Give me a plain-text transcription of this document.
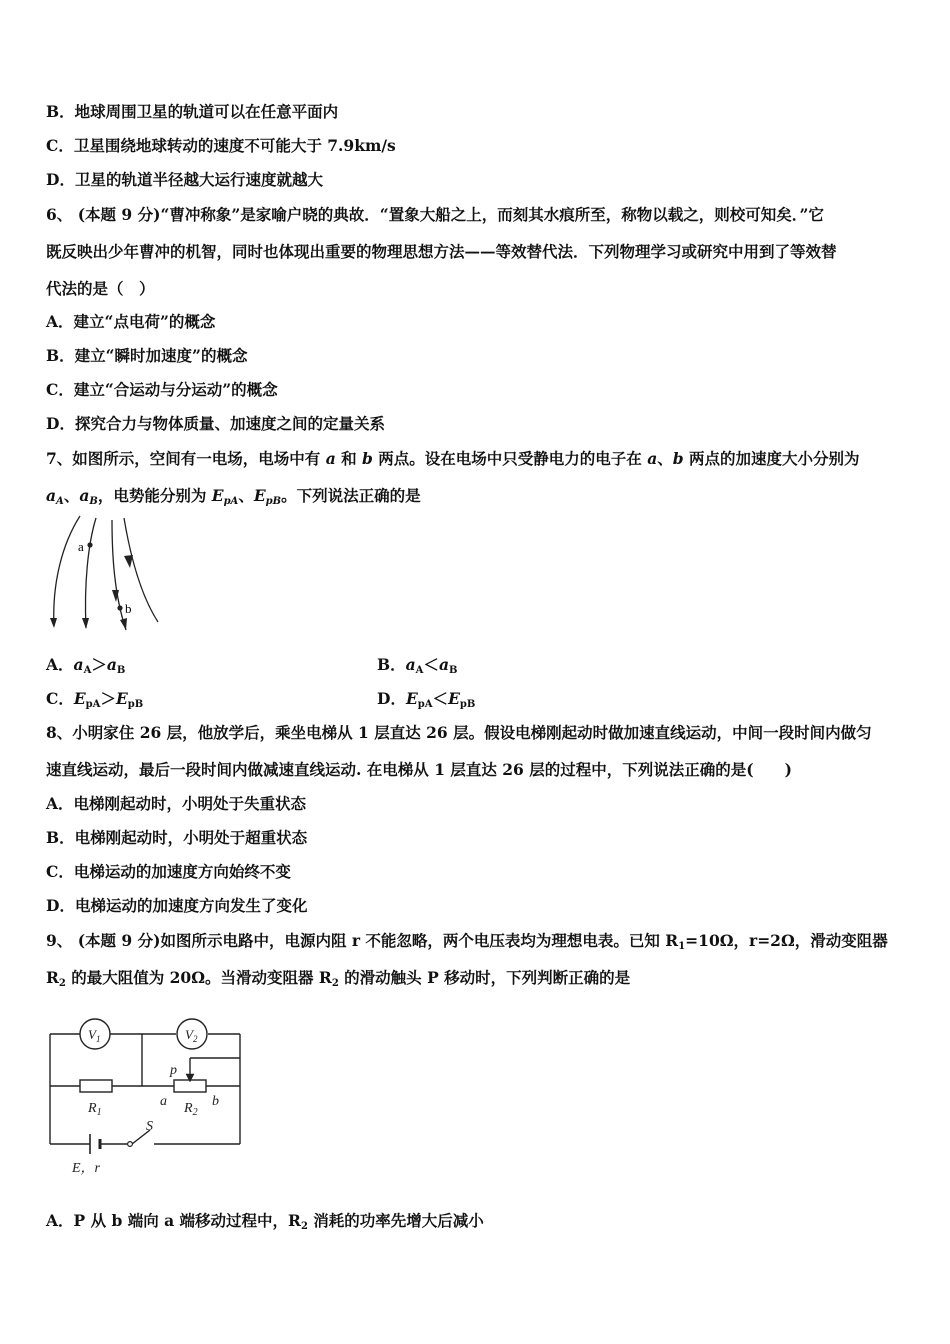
B．地球周围卫星的轨道可以在任意平面内
C．卫星围绕地球转动的速度不可能大于 7.9km/s
D．卫星的轨道半径越大运行速度就越大
6、 (本题 9 分)“曹冲称象”是家喻户晓的典故．“置象大船之上，而刻其水痕所至，称物以载之，则校可知矣．”它
既反映出少年曹冲的机智，同时也体现出重要的物理思想方法——等效替代法．下列物理学习或研究中用到了等效替
代法的是（　）
A．建立“点电荷”的概念
B．建立“瞬时加速度”的概念
C．建立“合运动与分运动”的概念
D．探究合力与物体质量、加速度之间的定量关系
7、如图所示，空间有一电场，电场中有 a 和 b 两点。设在电场中只受静电力的电子在 a、b 两点的加速度大小分别为
$a_A$、$a_B$，电势能分别为 $E_{pA}$、$E_{pB}$。下列说法正确的是
a
b
A．$a_A>a_B$	B．$a_A<a_B$
C．$E_{pA}>E_{pB}$	D．$E_{pA}<E_{pB}$
8、小明家住 26 层，他放学后，乘坐电梯从 1 层直达 26 层。假设电梯刚起动时做加速直线运动，中间一段时间内做匀
速直线运动，最后一段时间内做减速直线运动. 在电梯从 1 层直达 26 层的过程中，下列说法正确的是(　　)
A．电梯刚起动时，小明处于失重状态
B．电梯刚起动时，小明处于超重状态
C．电梯运动的加速度方向始终不变
D．电梯运动的加速度方向发生了变化
9、 (本题 9 分)如图所示电路中，电源内阻 r 不能忽略，两个电压表均为理想电表。已知 $R_1=10\Omega$，r=2Ω，滑动变阻器
$R_2$ 的最大阻值为 20Ω。当滑动变阻器 $R_2$ 的滑动触头 P 移动时，下列判断正确的是
$V_1$	$V_2$
$R_1$	$R_2$
p
a	b
S
E，r
A．P 从 b 端向 a 端移动过程中，$R_2$ 消耗的功率先增大后减小
